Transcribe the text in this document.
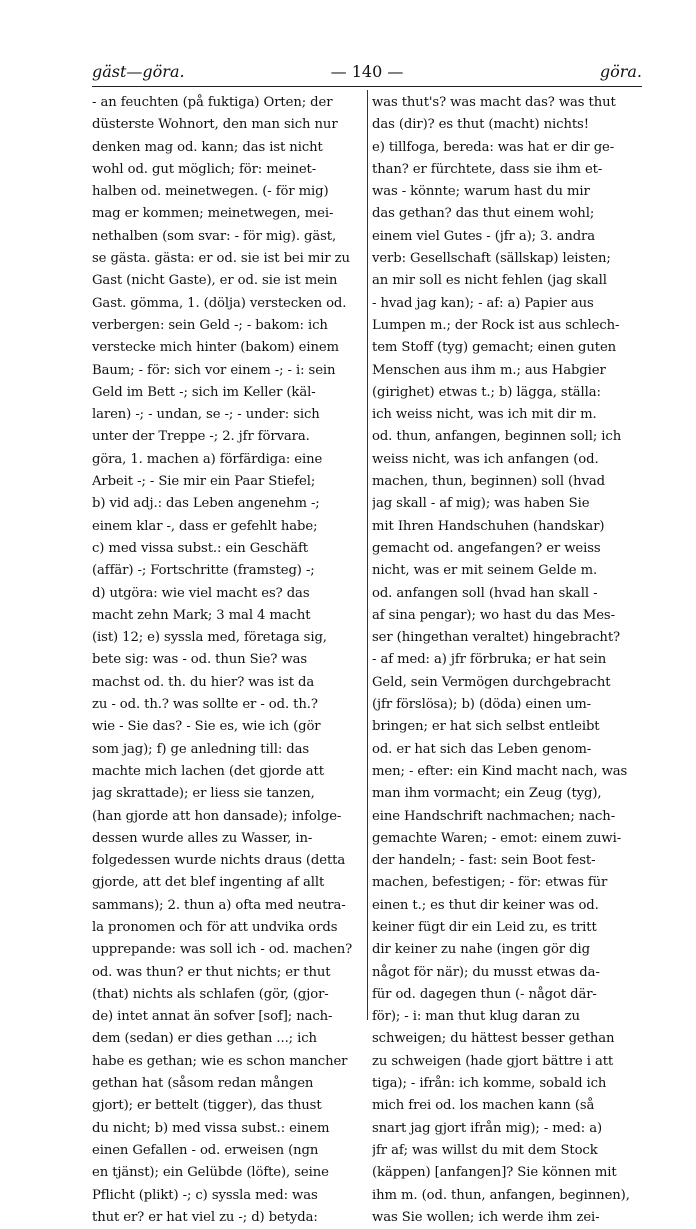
gäst—göra.	— 140 —	göra.
- an feuchten (på fuktiga) Orten; der
düsterste Wohnort, den man sich nur
denken mag od. kann; das ist nicht
wohl od. gut möglich; för: meinet-
halben od. meinetwegen. (- för mig)
mag er kommen; meinetwegen, mei-
nethalben (som svar: - för mig). gäst,
se gästa. gästa: er od. sie ist bei mir zu
Gast (nicht Gaste), er od. sie ist mein
Gast. gömma, 1. (dölja) verstecken od.
verbergen: sein Geld -; - bakom: ich
verstecke mich hinter (bakom) einem
Baum; - för: sich vor einem -; - i: sein
Geld im Bett -; sich im Keller (käl-
laren) -; - undan, se -; - under: sich
unter der Treppe -; 2. jfr förvara.
göra, 1. machen a) förfärdiga: eine
Arbeit -; - Sie mir ein Paar Stiefel;
b) vid adj.: das Leben angenehm -;
einem klar -, dass er gefehlt habe;
c) med vissa subst.: ein Geschäft
(affär) -; Fortschritte (framsteg) -;
d) utgöra: wie viel macht es? das
macht zehn Mark; 3 mal 4 macht
(ist) 12; e) syssla med, företaga sig,
bete sig: was - od. thun Sie? was
machst od. th. du hier? was ist da
zu - od. th.? was sollte er - od. th.?
wie - Sie das? - Sie es, wie ich (gör
som jag); f) ge anledning till: das
machte mich lachen (det gjorde att
jag skrattade); er liess sie tanzen,
(han gjorde att hon dansade); infolge-
dessen wurde alles zu Wasser, in-
folgedessen wurde nichts draus (detta
gjorde, att det blef ingenting af allt
sammans); 2. thun a) ofta med neutra-
la pronomen och för att undvika ords
upprepande: was soll ich - od. machen?
od. was thun? er thut nichts; er thut
(that) nichts als schlafen (gör, (gjor-
de) intet annat än sofver [sof]; nach-
dem (sedan) er dies gethan ...; ich
habe es gethan; wie es schon mancher
gethan hat (såsom redan mången
gjort); er bettelt (tigger), das thust
du nicht; b) med vissa subst.: einem
einen Gefallen - od. erweisen (ngn
en tjänst); ein Gelübde (löfte), seine
Pflicht (plikt) -; c) syssla med: was
thut er? er hat viel zu -; d) betyda:
was thut's? was macht das? was thut
das (dir)? es thut (macht) nichts!
e) tillfoga, bereda: was hat er dir ge-
than? er fürchtete, dass sie ihm et-
was - könnte; warum hast du mir
das gethan? das thut einem wohl;
einem viel Gutes - (jfr a); 3. andra
verb: Gesellschaft (sällskap) leisten;
an mir soll es nicht fehlen (jag skall
- hvad jag kan); - af: a) Papier aus
Lumpen m.; der Rock ist aus schlech-
tem Stoff (tyg) gemacht; einen guten
Menschen aus ihm m.; aus Habgier
(girighet) etwas t.; b) lägga, ställa:
ich weiss nicht, was ich mit dir m.
od. thun, anfangen, beginnen soll; ich
weiss nicht, was ich anfangen (od.
machen, thun, beginnen) soll (hvad
jag skall - af mig); was haben Sie
mit Ihren Handschuhen (handskar)
gemacht od. angefangen? er weiss
nicht, was er mit seinem Gelde m.
od. anfangen soll (hvad han skall -
af sina pengar); wo hast du das Mes-
ser (hingethan veraltet) hingebracht?
- af med: a) jfr förbruka; er hat sein
Geld, sein Vermögen durchgebracht
(jfr förslösa); b) (döda) einen um-
bringen; er hat sich selbst entleibt
od. er hat sich das Leben genom-
men; - efter: ein Kind macht nach, was
man ihm vormacht; ein Zeug (tyg),
eine Handschrift nachmachen; nach-
gemachte Waren; - emot: einem zuwi-
der handeln; - fast: sein Boot fest-
machen, befestigen; - för: etwas für
einen t.; es thut dir keiner was od.
keiner fügt dir ein Leid zu, es tritt
dir keiner zu nahe (ingen gör dig
något för när); du musst etwas da-
für od. dagegen thun (- något där-
för); - i: man thut klug daran zu
schweigen; du hättest besser gethan
zu schweigen (hade gjort bättre i att
tiga); - ifrån: ich komme, sobald ich
mich frei od. los machen kann (så
snart jag gjort ifrån mig); - med: a)
jfr af; was willst du mit dem Stock
(käppen) [anfangen]? Sie können mit
ihm m. (od. thun, anfangen, beginnen),
was Sie wollen; ich werde ihm zei-
